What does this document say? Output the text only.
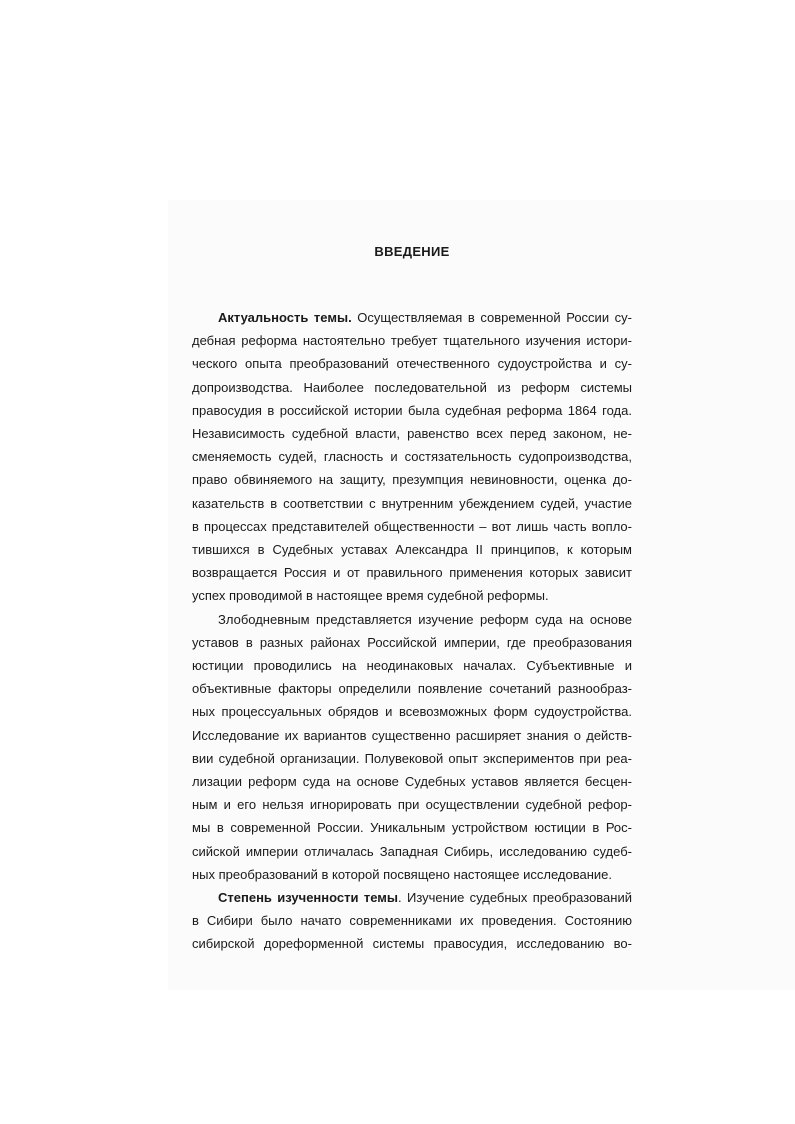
ВВЕДЕНИЕ
Актуальность темы. Осуществляемая в современной России су-
дебная реформа настоятельно требует тщательного изучения истори-
ческого опыта преобразований отечественного судоустройства и су-
допроизводства. Наиболее последовательной из реформ системы
правосудия в российской истории была судебная реформа 1864 года.
Независимость судебной власти, равенство всех перед законом, не-
сменяемость судей, гласность и состязательность судопроизводства,
право обвиняемого на защиту, презумпция невиновности, оценка до-
казательств в соответствии с внутренним убеждением судей, участие
в процессах представителей общественности – вот лишь часть вопло-
тившихся в Судебных уставах Александра II принципов, к которым
возвращается Россия и от правильного применения которых зависит
успех проводимой в настоящее время судебной реформы.
Злободневным представляется изучение реформ суда на основе
уставов в разных районах Российской империи, где преобразования
юстиции проводились на неодинаковых началах. Субъективные и
объективные факторы определили появление сочетаний разнообраз-
ных процессуальных обрядов и всевозможных форм судоустройства.
Исследование их вариантов существенно расширяет знания о действ-
вии судебной организации. Полувековой опыт экспериментов при реа-
лизации реформ суда на основе Судебных уставов является бесцен-
ным и его нельзя игнорировать при осуществлении судебной рефор-
мы в современной России. Уникальным устройством юстиции в Рос-
сийской империи отличалась Западная Сибирь, исследованию судеб-
ных преобразований в которой посвящено настоящее исследование.
Степень изученности темы. Изучение судебных преобразований
в Сибири было начато современниками их проведения. Состоянию
сибирской дореформенной системы правосудия, исследованию во-
